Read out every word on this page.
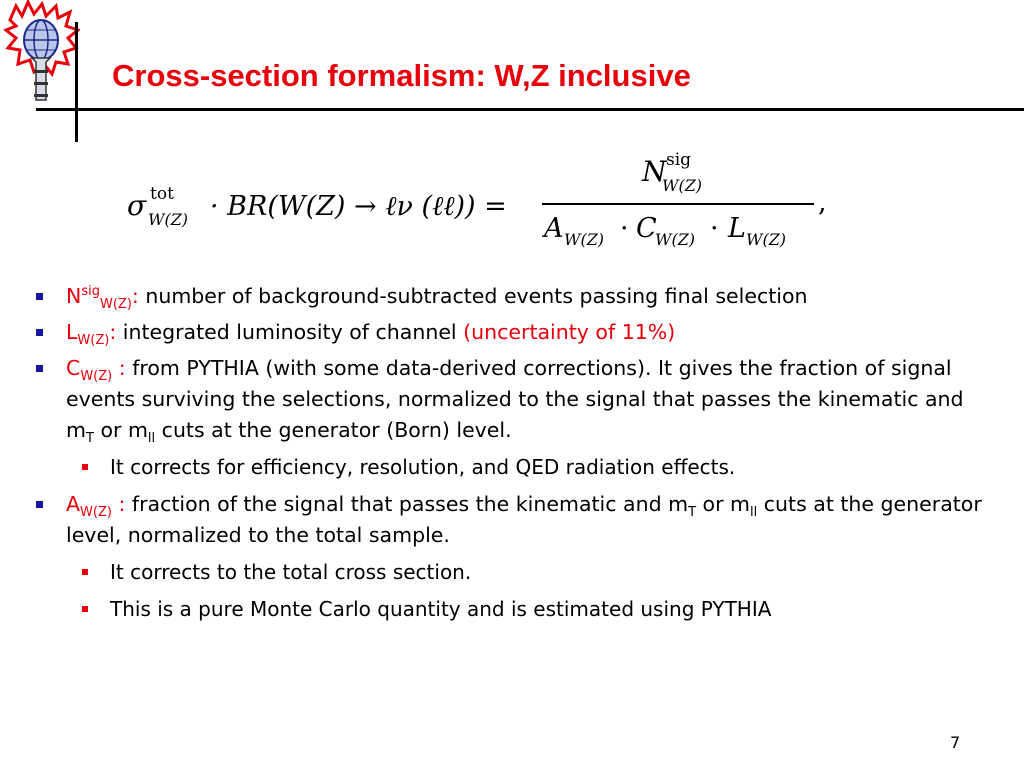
Cross-section formalism: W,Z inclusive
σ tot
W(Z) · BR(W(Z) → ℓν (ℓℓ)) =
N sig
W(Z)
A W(Z) · C
W(Z) · L W(Z)
,
$N^{sig}_{W(Z)}$: number of background-subtracted events passing final selection
$L_{W(Z)}$: integrated luminosity of channel (uncertainty of 11%)
$C_{W(Z)}$ : from PYTHIA (with some data-derived corrections). It gives the fraction of signal events surviving the selections, normalized to the signal that passes the kinematic and $m_T$ or $m_{ll}$ cuts at the generator (Born) level.
It corrects for efficiency, resolution, and QED radiation effects.
$A_{W(Z)}$ : fraction of the signal that passes the kinematic and $m_T$ or $m_{ll}$ cuts at the generator level, normalized to the total sample.
It corrects to the total cross section.
This is a pure Monte Carlo quantity and is estimated using PYTHIA
7
